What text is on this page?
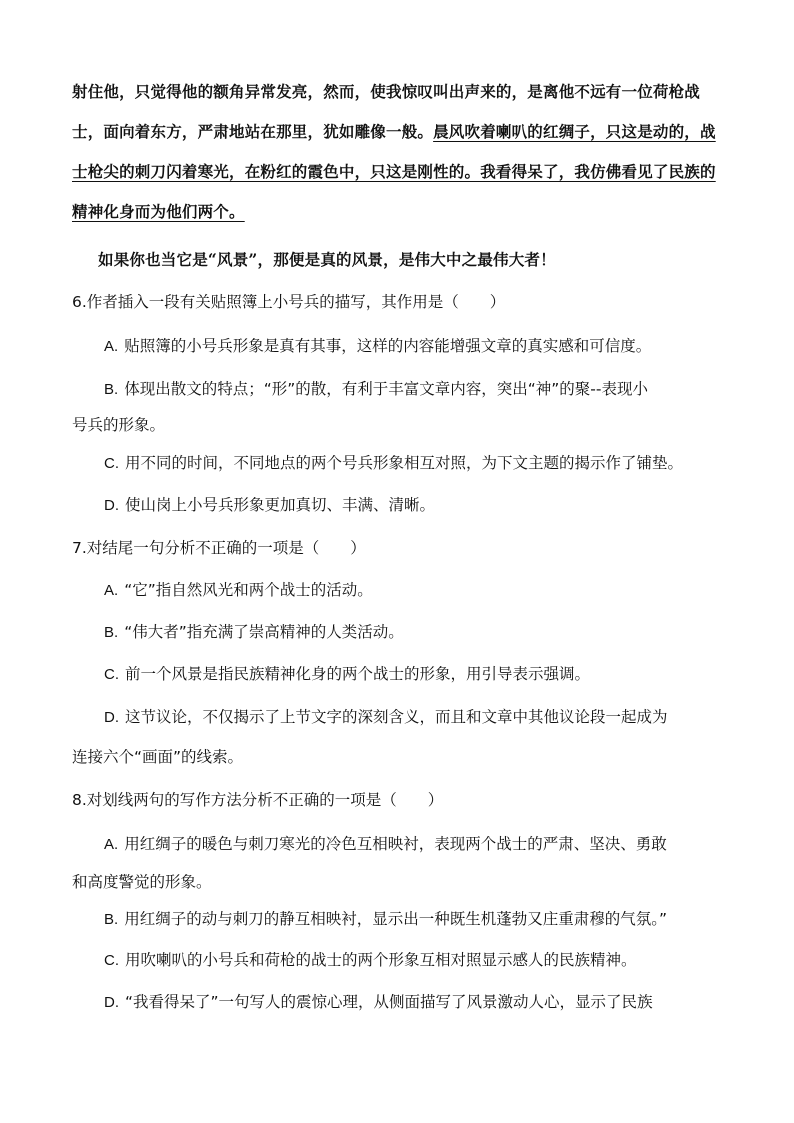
射住他，只觉得他的额角异常发亮，然而，使我惊叹叫出声来的，是离他不远有一位荷枪战士，面向着东方，严肃地站在那里，犹如雕像一般。晨风吹着喇叭的红绸子，只这是动的，战士枪尖的刺刀闪着寒光，在粉红的霞色中，只这是刚性的。我看得呆了，我仿佛看见了民族的精神化身而为他们两个。

如果你也当它是“风景”，那便是真的风景，是伟大中之最伟大者！

6.作者插入一段有关贴照簿上小号兵的描写，其作用是（　　）
A. 贴照簿的小号兵形象是真有其事，这样的内容能增强文章的真实感和可信度。
B. 体现出散文的特点；“形”的散，有利于丰富文章内容，突出“神”的聚--表现小
号兵的形象。
C. 用不同的时间，不同地点的两个号兵形象相互对照，为下文主题的揭示作了铺垫。
D. 使山岗上小号兵形象更加真切、丰满、清晰。
7.对结尾一句分析不正确的一项是（　　）
A. “它”指自然风光和两个战士的活动。
B. “伟大者”指充满了崇高精神的人类活动。
C. 前一个风景是指民族精神化身的两个战士的形象，用引导表示强调。
D. 这节议论，不仅揭示了上节文字的深刻含义，而且和文章中其他议论段一起成为
连接六个“画面”的线索。
8.对划线两句的写作方法分析不正确的一项是（　　）
A. 用红绸子的暖色与刺刀寒光的冷色互相映衬，表现两个战士的严肃、坚决、勇敢
和高度警觉的形象。
B. 用红绸子的动与刺刀的静互相映衬，显示出一种既生机蓬勃又庄重肃穆的气氛。”
C. 用吹喇叭的小号兵和荷枪的战士的两个形象互相对照显示感人的民族精神。
D. “我看得呆了”一句写人的震惊心理，从侧面描写了风景激动人心，显示了民族
